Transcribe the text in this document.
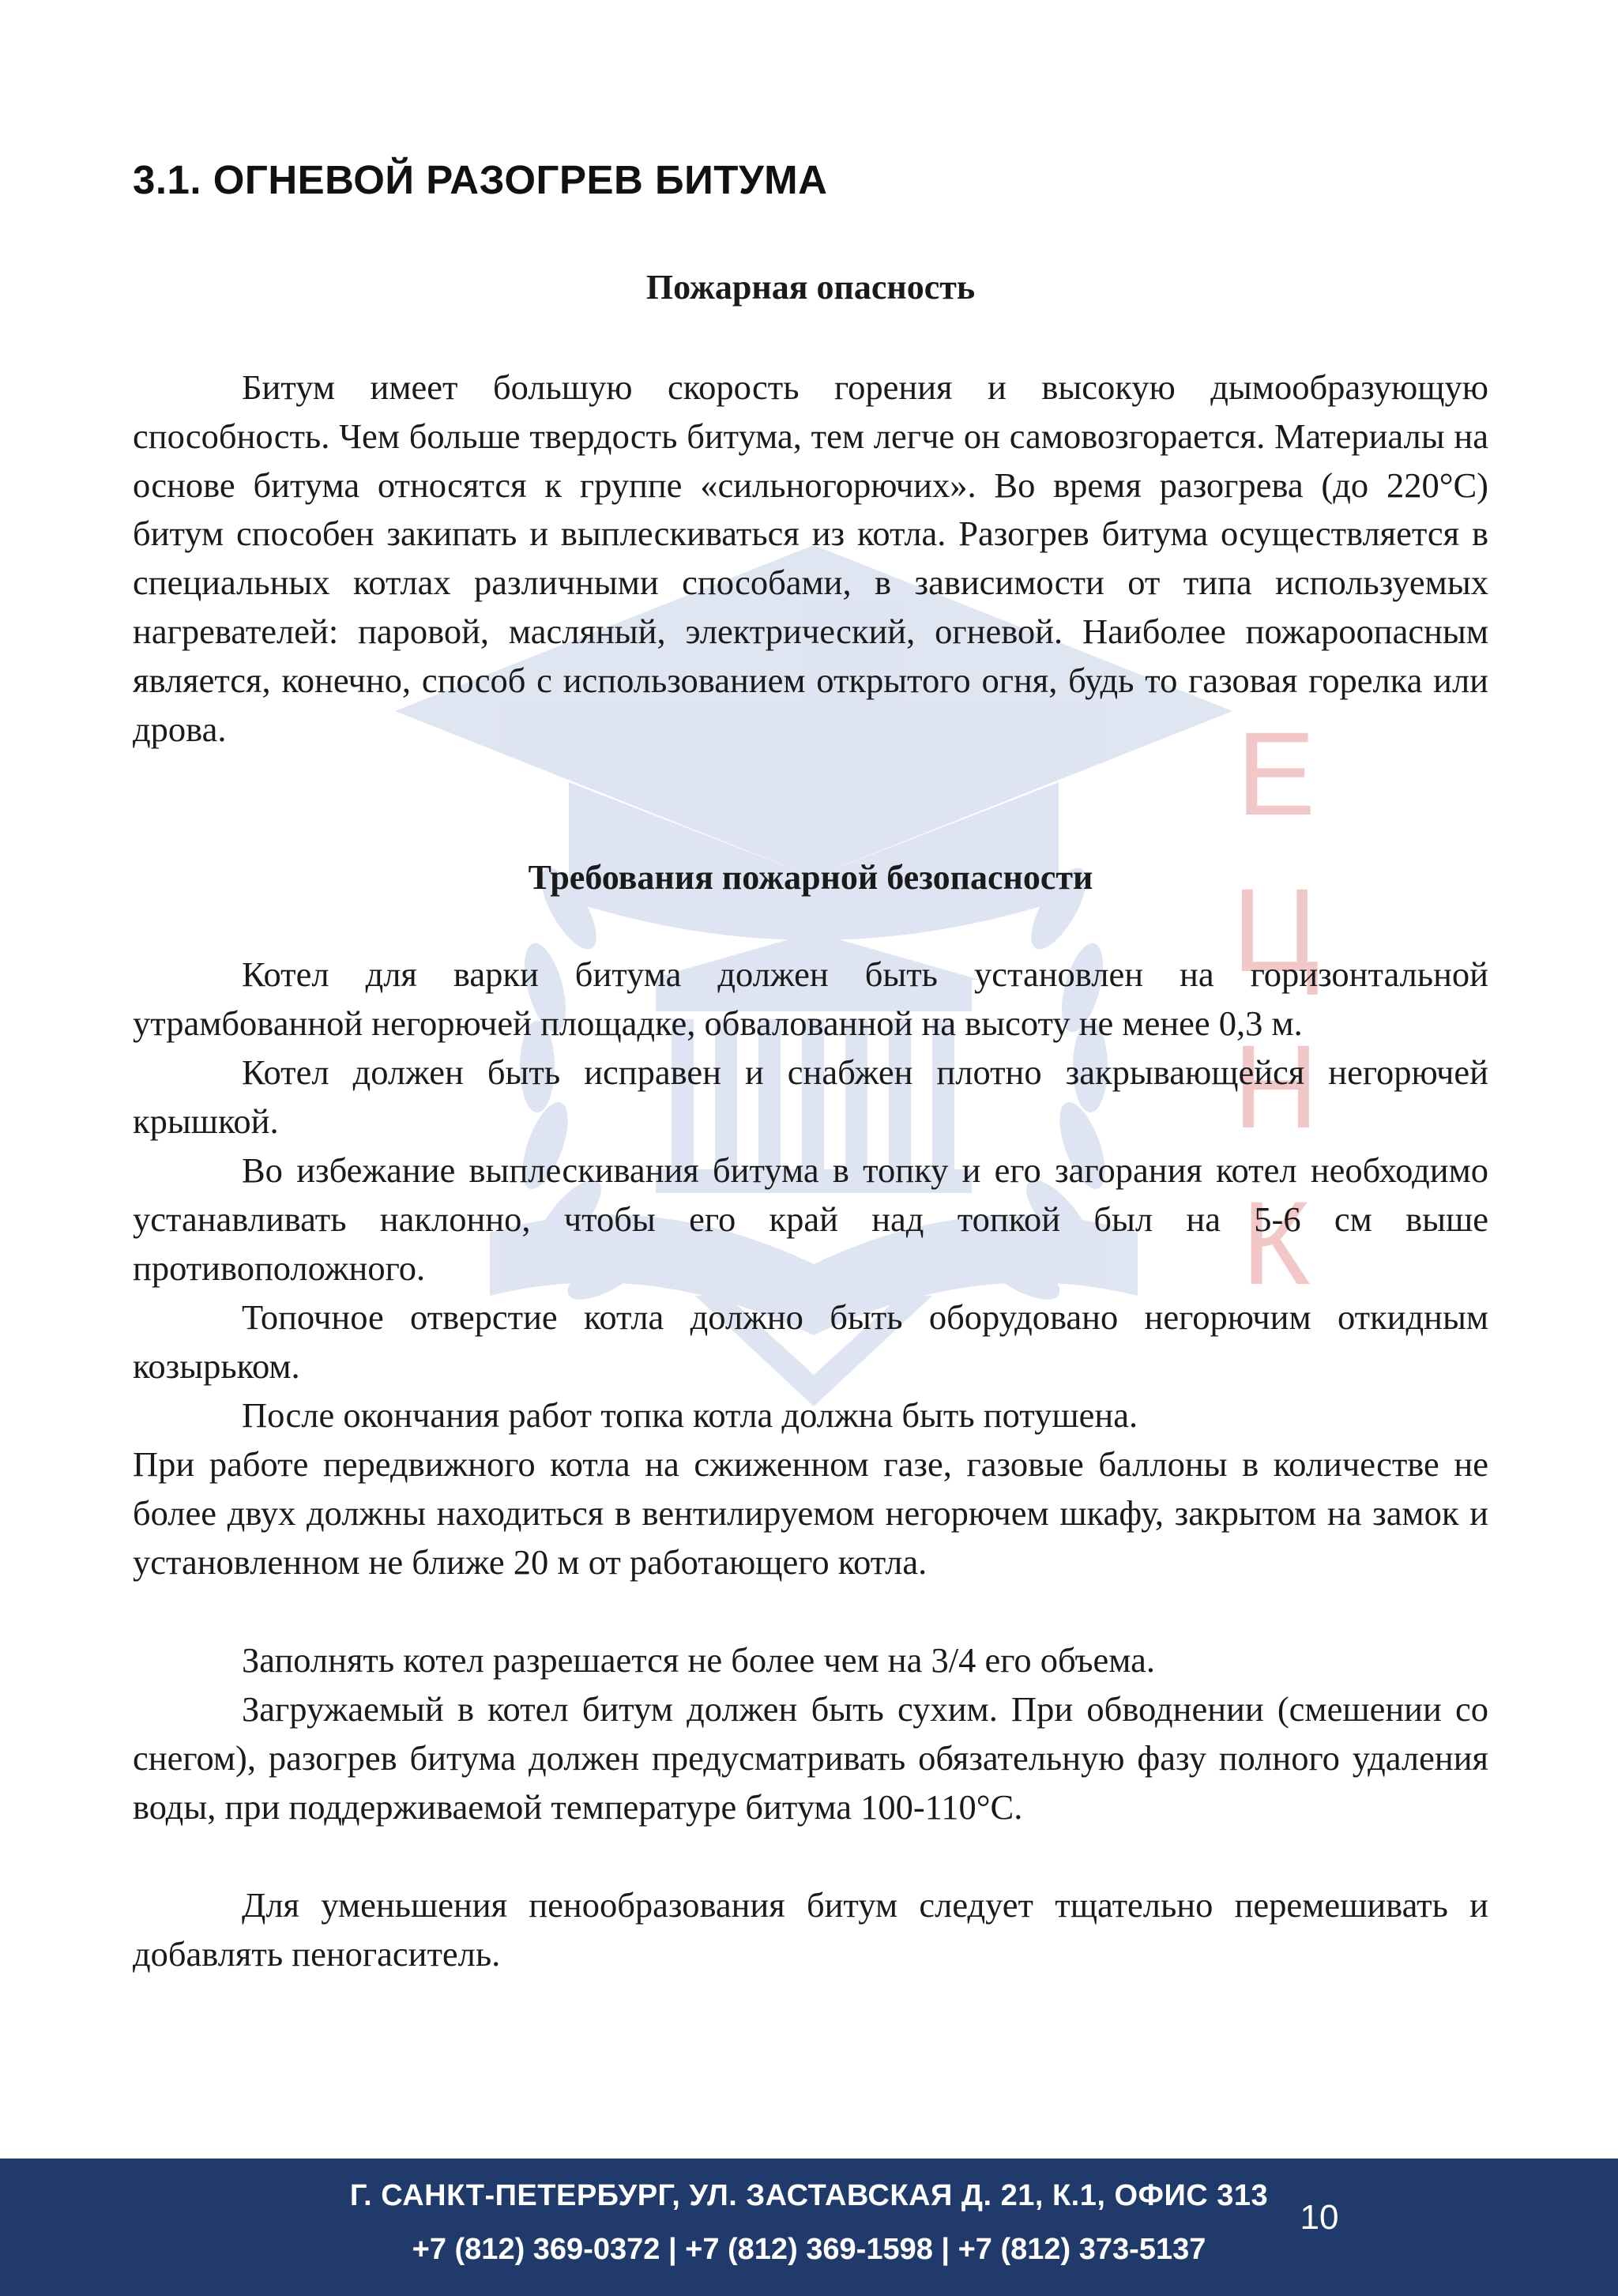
Е
Ц
Н
К
3.1. ОГНЕВОЙ РАЗОГРЕВ БИТУМА
Пожарная опасность

Битум имеет большую скорость горения и высокую дымообразующую способность. Чем больше твердость битума, тем легче он самовозгорается. Материалы на основе битума относятся к группе «сильногорючих». Во время разогрева (до 220°С) битум способен закипать и выплескиваться из котла. Разогрев битума осуществляется в специальных котлах различными способами, в зависимости от типа используемых нагревателей: паровой, масляный, электрический, огневой. Наиболее пожароопасным является, конечно, способ с использованием открытого огня, будь то газовая горелка или дрова.

Требования пожарной безопасности

Котел для варки битума должен быть установлен на горизонтальной утрамбованной негорючей площадке, обвалованной на высоту не менее 0,3 м.

Котел должен быть исправен и снабжен плотно закрывающейся негорючей крышкой.

Во избежание выплескивания битума в топку и его загорания котел необходимо устанавливать наклонно, чтобы его край над топкой был на 5-6 см выше противоположного.

Топочное отверстие котла должно быть оборудовано негорючим откидным козырьком.

После окончания работ топка котла должна быть потушена.

При работе передвижного котла на сжиженном газе, газовые баллоны в количестве не более двух должны находиться в вентилируемом негорючем шкафу, закрытом на замок и установленном не ближе 20 м от работающего котла.

Заполнять котел разрешается не более чем на 3/4 его объема.

Загружаемый в котел битум должен быть сухим. При обводнении (смешении со снегом), разогрев битума должен предусматривать обязательную фазу полного удаления воды, при поддерживаемой температуре битума 100-110°С.

Для уменьшения пенообразования битум следует тщательно перемешивать и добавлять пеногаситель.

Г. САНКТ-ПЕТЕРБУРГ, УЛ. ЗАСТАВСКАЯ Д. 21, К.1, ОФИС 313
+7 (812) 369-0372 | +7 (812) 369-1598 | +7 (812) 373-5137
10
